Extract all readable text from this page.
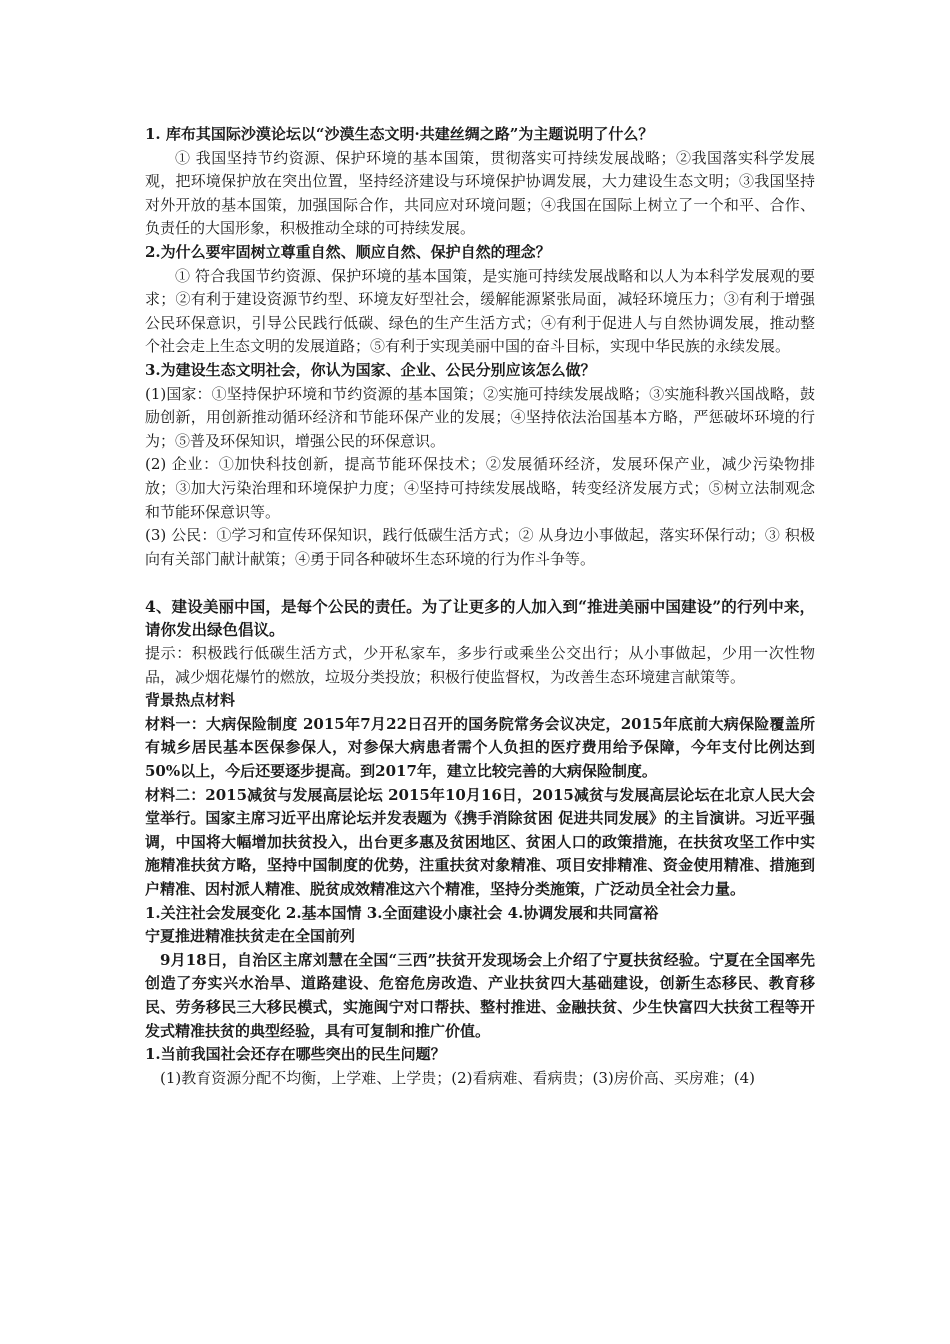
1. 库布其国际沙漠论坛以“沙漠生态文明·共建丝绸之路”为主题说明了什么？

① 我国坚持节约资源、保护环境的基本国策，贯彻落实可持续发展战略；②我国落实科学发展观，把环境保护放在突出位置，坚持经济建设与环境保护协调发展，大力建设生态文明；③我国坚持对外开放的基本国策，加强国际合作，共同应对环境问题；④我国在国际上树立了一个和平、合作、负责任的大国形象，积极推动全球的可持续发展。

2.为什么要牢固树立尊重自然、顺应自然、保护自然的理念？

① 符合我国节约资源、保护环境的基本国策，是实施可持续发展战略和以人为本科学发展观的要求；②有利于建设资源节约型、环境友好型社会，缓解能源紧张局面，减轻环境压力；③有利于增强公民环保意识，引导公民践行低碳、绿色的生产生活方式；④有利于促进人与自然协调发展，推动整个社会走上生态文明的发展道路；⑤有利于实现美丽中国的奋斗目标，实现中华民族的永续发展。

3.为建设生态文明社会，你认为国家、企业、公民分别应该怎么做？

(1)国家：①坚持保护环境和节约资源的基本国策；②实施可持续发展战略；③实施科教兴国战略，鼓励创新，用创新推动循环经济和节能环保产业的发展；④坚持依法治国基本方略，严惩破坏环境的行为；⑤普及环保知识，增强公民的环保意识。

(2) 企业：①加快科技创新，提高节能环保技术；②发展循环经济，发展环保产业，减少污染物排放；③加大污染治理和环境保护力度；④坚持可持续发展战略，转变经济发展方式；⑤树立法制观念和节能环保意识等。

(3) 公民：①学习和宣传环保知识，践行低碳生活方式；② 从身边小事做起，落实环保行动；③ 积极向有关部门献计献策；④勇于同各种破坏生态环境的行为作斗争等。

4、建设美丽中国，是每个公民的责任。为了让更多的人加入到“推进美丽中国建设”的行列中来，请你发出绿色倡议。

提示：积极践行低碳生活方式，少开私家车，多步行或乘坐公交出行；从小事做起，少用一次性物品，减少烟花爆竹的燃放，垃圾分类投放；积极行使监督权，为改善生态环境建言献策等。

背景热点材料

材料一：大病保险制度 2015年7月22日召开的国务院常务会议决定，2015年底前大病保险覆盖所有城乡居民基本医保参保人，对参保大病患者需个人负担的医疗费用给予保障，今年支付比例达到50%以上，今后还要逐步提高。到2017年，建立比较完善的大病保险制度。

材料二：2015减贫与发展高层论坛 2015年10月16日，2015减贫与发展高层论坛在北京人民大会堂举行。国家主席习近平出席论坛并发表题为《携手消除贫困 促进共同发展》的主旨演讲。习近平强调，中国将大幅增加扶贫投入，出台更多惠及贫困地区、贫困人口的政策措施，在扶贫攻坚工作中实施精准扶贫方略，坚持中国制度的优势，注重扶贫对象精准、项目安排精准、资金使用精准、措施到户精准、因村派人精准、脱贫成效精准这六个精准，坚持分类施策，广泛动员全社会力量。

1.关注社会发展变化 2.基本国情 3.全面建设小康社会 4.协调发展和共同富裕

宁夏推进精准扶贫走在全国前列

9月18日，自治区主席刘慧在全国“三西”扶贫开发现场会上介绍了宁夏扶贫经验。宁夏在全国率先创造了夯实兴水治旱、道路建设、危窑危房改造、产业扶贫四大基础建设，创新生态移民、教育移民、劳务移民三大移民模式，实施闽宁对口帮扶、整村推进、金融扶贫、少生快富四大扶贫工程等开发式精准扶贫的典型经验，具有可复制和推广价值。

1.当前我国社会还存在哪些突出的民生问题？

(1)教育资源分配不均衡，上学难、上学贵；(2)看病难、看病贵；(3)房价高、买房难；(4)
